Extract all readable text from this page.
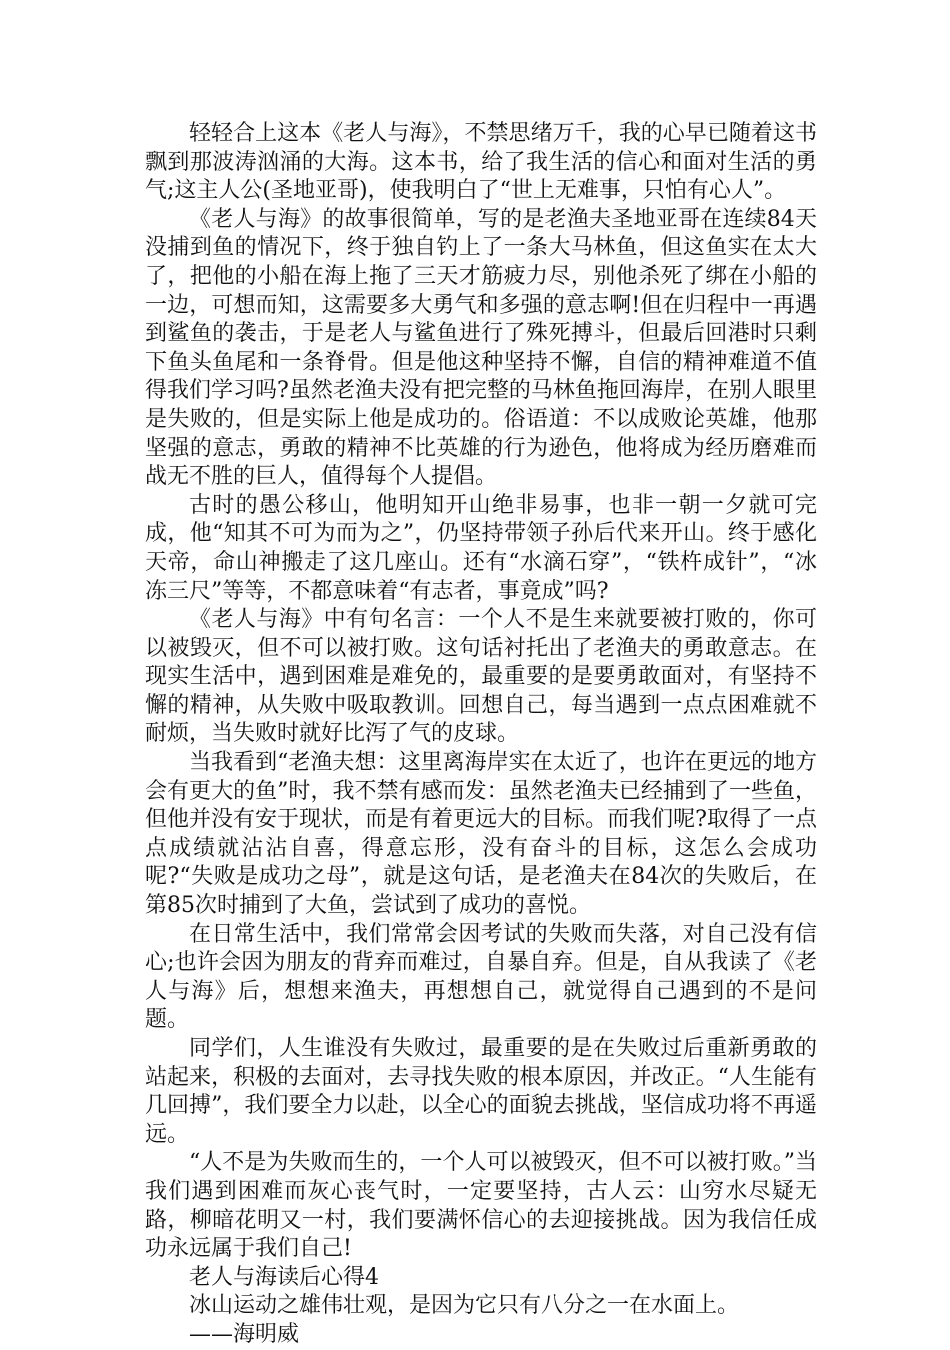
轻轻合上这本《老人与海》，不禁思绪万千，我的心早已随着这书飘到那波涛汹涌的大海。这本书，给了我生活的信心和面对生活的勇气;这主人公(圣地亚哥)，使我明白了“世上无难事，只怕有心人”。

《老人与海》的故事很简单，写的是老渔夫圣地亚哥在连续84天没捕到鱼的情况下，终于独自钓上了一条大马林鱼，但这鱼实在太大了，把他的小船在海上拖了三天才筋疲力尽，别他杀死了绑在小船的一边，可想而知，这需要多大勇气和多强的意志啊!但在归程中一再遇到鲨鱼的袭击，于是老人与鲨鱼进行了殊死搏斗，但最后回港时只剩下鱼头鱼尾和一条脊骨。但是他这种坚持不懈，自信的精神难道不值得我们学习吗?虽然老渔夫没有把完整的马林鱼拖回海岸，在别人眼里是失败的，但是实际上他是成功的。俗语道：不以成败论英雄，他那坚强的意志，勇敢的精神不比英雄的行为逊色，他将成为经历磨难而战无不胜的巨人，值得每个人提倡。

古时的愚公移山，他明知开山绝非易事，也非一朝一夕就可完成，他“知其不可为而为之”，仍坚持带领子孙后代来开山。终于感化天帝，命山神搬走了这几座山。还有“水滴石穿”，“铁杵成针”，“冰冻三尺”等等，不都意味着“有志者，事竟成”吗?

《老人与海》中有句名言：一个人不是生来就要被打败的，你可以被毁灭，但不可以被打败。这句话衬托出了老渔夫的勇敢意志。在现实生活中，遇到困难是难免的，最重要的是要勇敢面对，有坚持不懈的精神，从失败中吸取教训。回想自己，每当遇到一点点困难就不耐烦，当失败时就好比泻了气的皮球。

当我看到“老渔夫想：这里离海岸实在太近了，也许在更远的地方会有更大的鱼”时，我不禁有感而发：虽然老渔夫已经捕到了一些鱼，但他并没有安于现状，而是有着更远大的目标。而我们呢?取得了一点点成绩就沾沾自喜，得意忘形，没有奋斗的目标，这怎么会成功呢?“失败是成功之母”，就是这句话，是老渔夫在84次的失败后，在第85次时捕到了大鱼，尝试到了成功的喜悦。

在日常生活中，我们常常会因考试的失败而失落，对自己没有信心;也许会因为朋友的背弃而难过，自暴自弃。但是，自从我读了《老人与海》后，想想来渔夫，再想想自己，就觉得自己遇到的不是问题。

同学们，人生谁没有失败过，最重要的是在失败过后重新勇敢的站起来，积极的去面对，去寻找失败的根本原因，并改正。“人生能有几回搏”，我们要全力以赴，以全心的面貌去挑战，坚信成功将不再遥远。

“人不是为失败而生的，一个人可以被毁灭，但不可以被打败。”当我们遇到困难而灰心丧气时，一定要坚持，古人云：山穷水尽疑无路，柳暗花明又一村，我们要满怀信心的去迎接挑战。因为我信任成功永远属于我们自己!

老人与海读后心得4

冰山运动之雄伟壮观，是因为它只有八分之一在水面上。

——海明威
